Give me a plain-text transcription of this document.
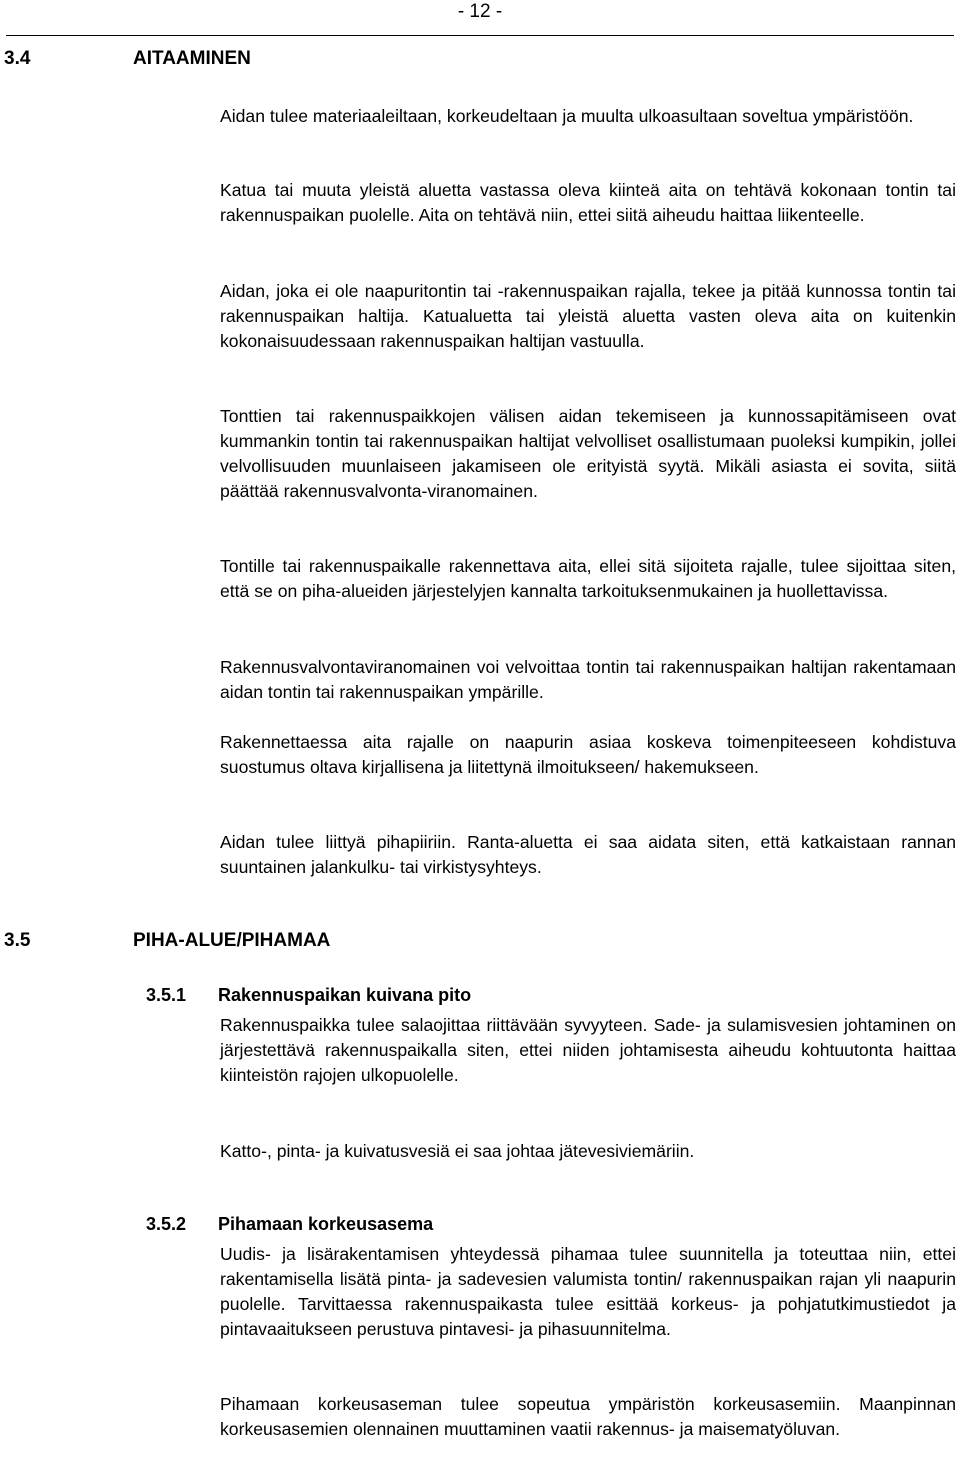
- 12 -
3.4	AITAAMINEN

Aidan tulee materiaaleiltaan, korkeudeltaan ja muulta ulkoasultaan soveltua ympäristöön.

Katua tai muuta yleistä aluetta vastassa oleva kiinteä aita on tehtävä kokonaan tontin tai rakennuspaikan puolelle. Aita on tehtävä niin, ettei siitä aiheudu haittaa liikenteelle.

Aidan, joka ei ole naapuritontin tai -rakennuspaikan rajalla, tekee ja pitää kunnossa tontin tai rakennuspaikan haltija. Katualuetta tai yleistä aluetta vasten oleva aita on kuitenkin kokonaisuudessaan rakennuspaikan haltijan vastuulla.

Tonttien tai rakennuspaikkojen välisen aidan tekemiseen ja kunnossapitämiseen ovat kummankin tontin tai rakennuspaikan haltijat velvolliset osallistumaan puoleksi kumpikin, jollei velvollisuuden muunlaiseen jakamiseen ole erityistä syytä. Mikäli asiasta ei sovita, siitä päättää rakennusvalvonta-viranomainen.

Tontille tai rakennuspaikalle rakennettava aita, ellei sitä sijoiteta rajalle, tulee sijoittaa siten, että se on piha-alueiden järjestelyjen kannalta tarkoituksenmukainen ja huollettavissa.

Rakennusvalvontaviranomainen voi velvoittaa tontin tai rakennuspaikan haltijan rakentamaan aidan tontin tai rakennuspaikan ympärille.

Rakennettaessa aita rajalle on naapurin asiaa koskeva toimenpiteeseen kohdistuva suostumus oltava kirjallisena ja liitettynä ilmoitukseen/ hakemukseen.

Aidan tulee liittyä pihapiiriin. Ranta-aluetta ei saa aidata siten, että katkaistaan rannan suuntainen jalankulku- tai virkistysyhteys.

3.5	PIHA-ALUE/PIHAMAA
3.5.1 Rakennuspaikan kuivana pito

Rakennuspaikka tulee salaojittaa riittävään syvyyteen. Sade- ja sulamisvesien johtaminen on järjestettävä rakennuspaikalla siten, ettei niiden johtamisesta aiheudu kohtuutonta haittaa kiinteistön rajojen ulkopuolelle.

Katto-, pinta- ja kuivatusvesiä ei saa johtaa jätevesiviemäriin.

3.5.2 Pihamaan korkeusasema

Uudis- ja lisärakentamisen yhteydessä pihamaa tulee suunnitella ja toteuttaa niin, ettei rakentamisella lisätä pinta- ja sadevesien valumista tontin/ rakennuspaikan rajan yli naapurin puolelle. Tarvittaessa rakennuspaikasta tulee esittää korkeus- ja pohjatutkimustiedot ja pintavaaitukseen perustuva pintavesi- ja pihasuunnitelma.

Pihamaan korkeusaseman tulee sopeutua ympäristön korkeusasemiin. Maanpinnan korkeusasemien olennainen muuttaminen vaatii rakennus- ja maisematyöluvan.
